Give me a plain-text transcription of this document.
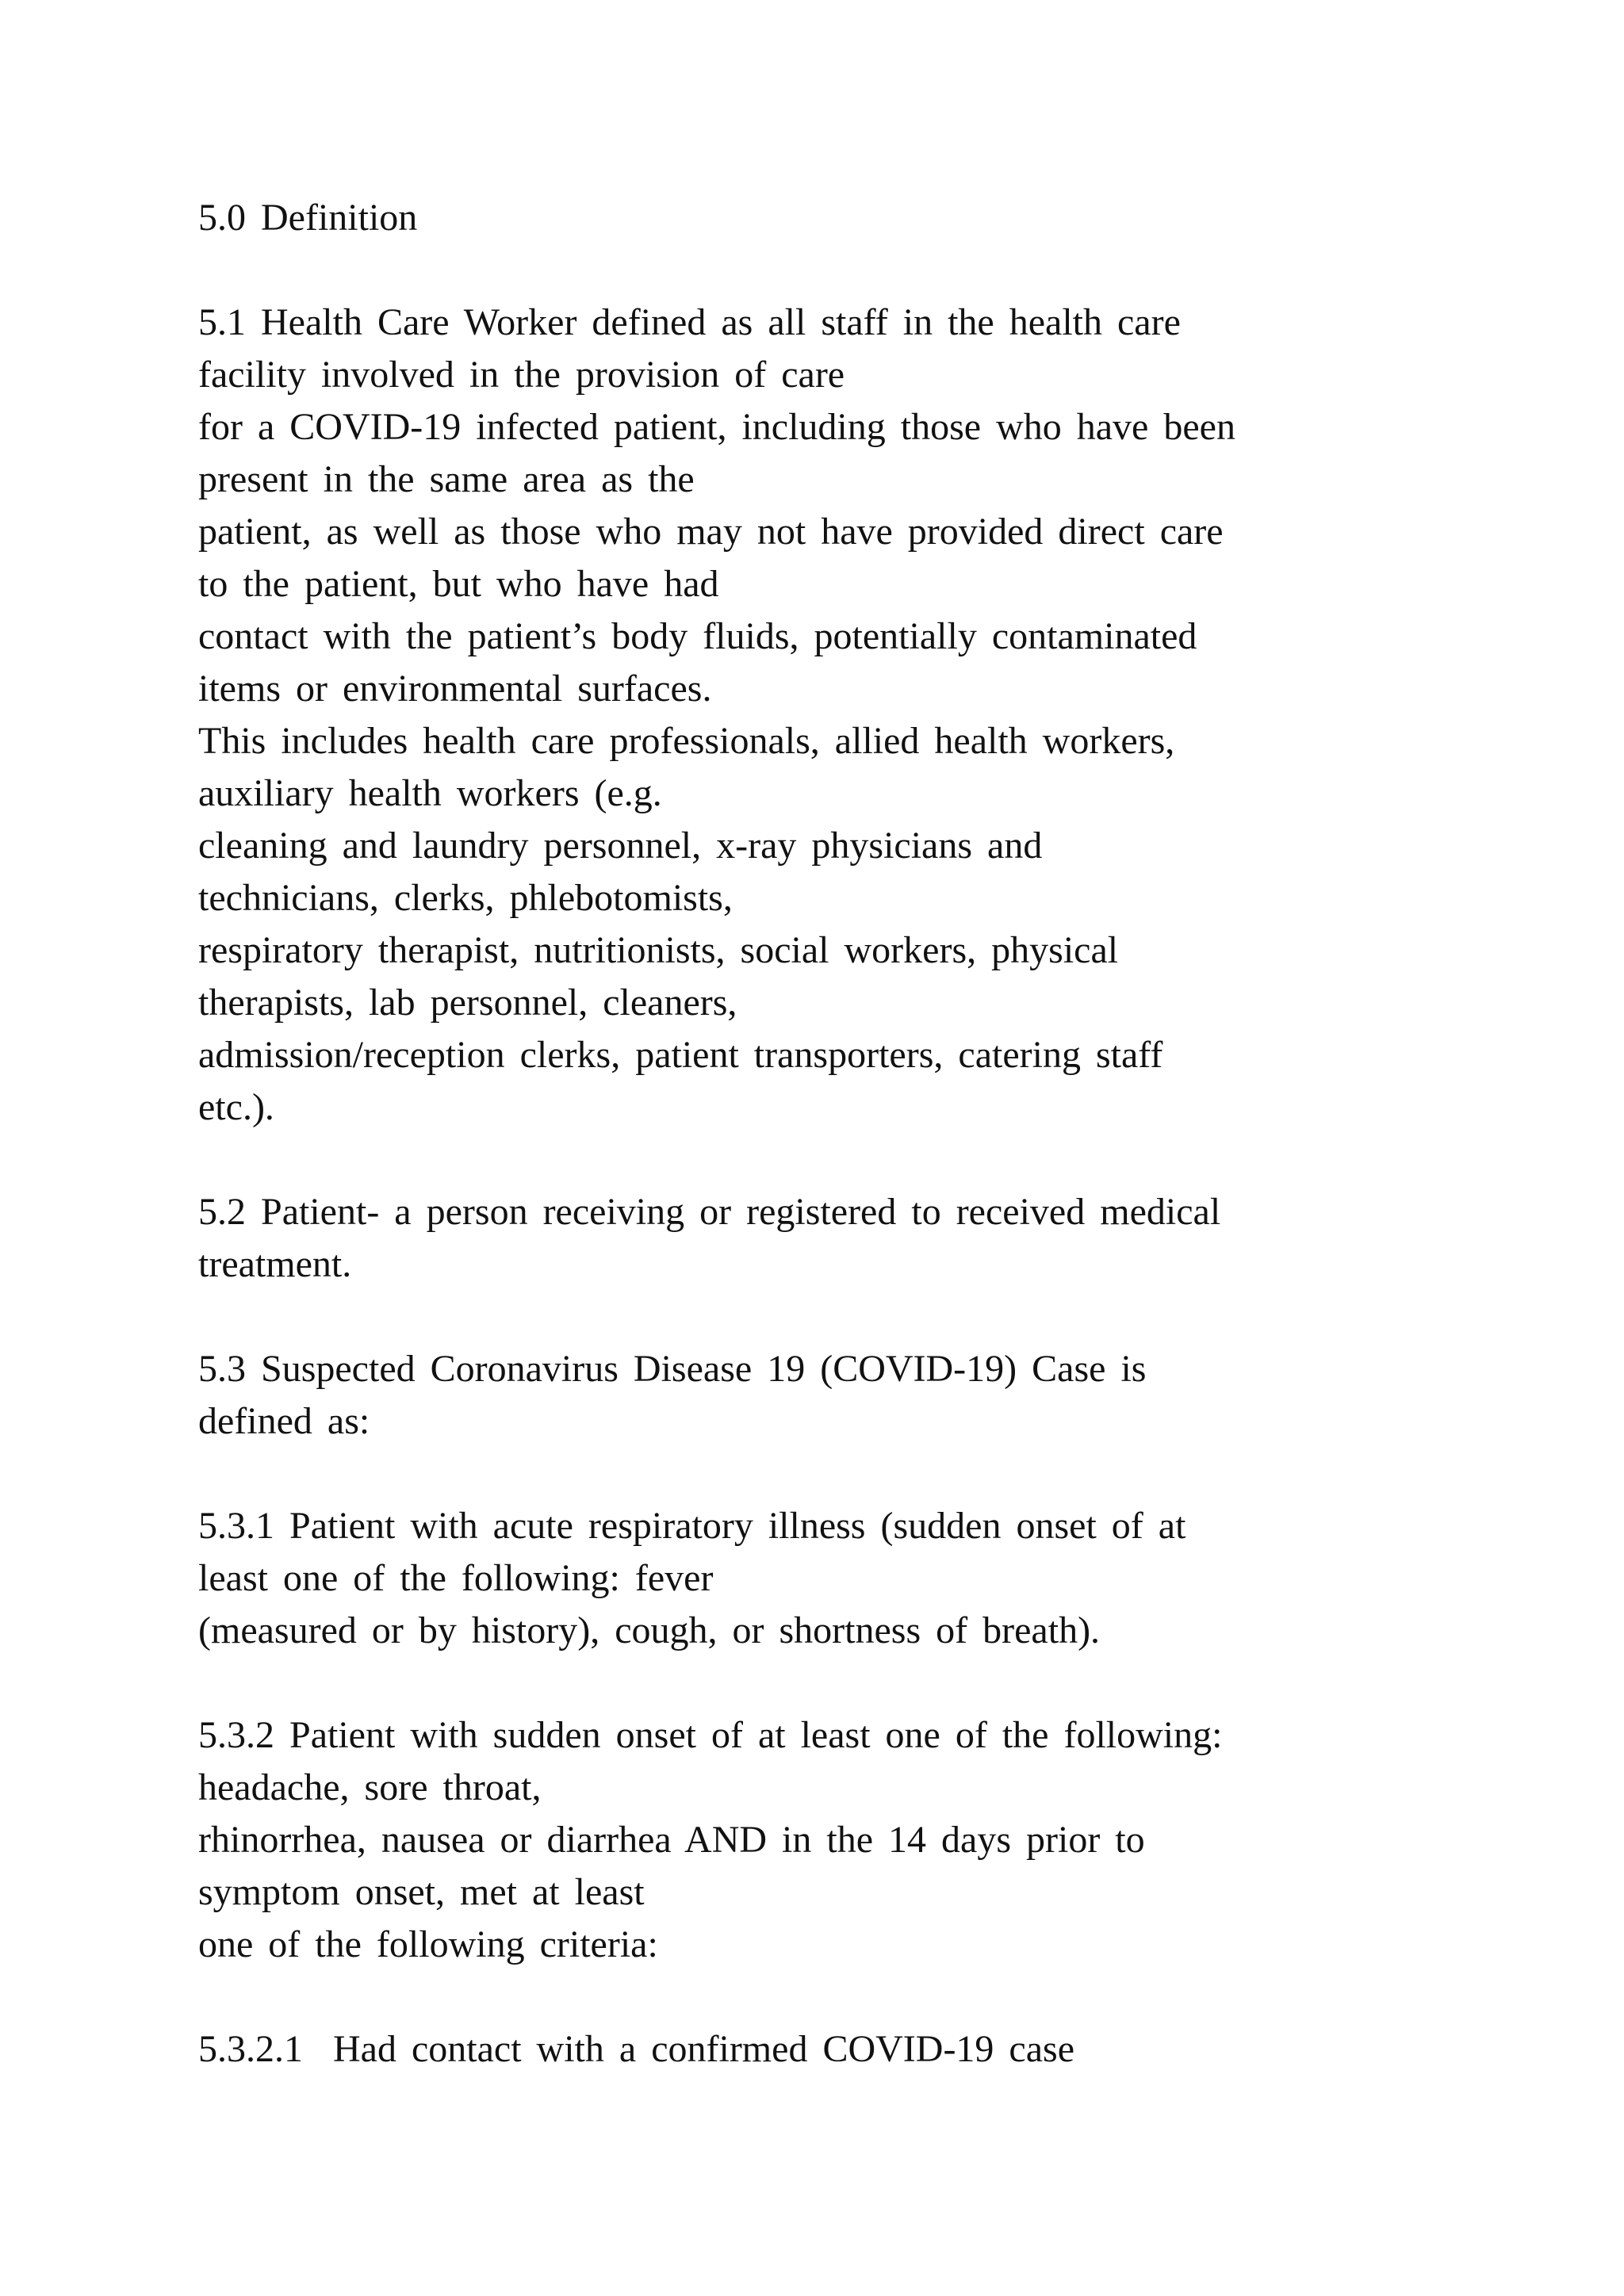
5.0 Definition
5.1 Health Care Worker defined as all staff in the health care
facility involved in the provision of care
for a COVID-19 infected patient, including those who have been
present in the same area as the
patient, as well as those who may not have provided direct care
to the patient, but who have had
contact with the patient’s body fluids, potentially contaminated
items or environmental surfaces.
This includes health care professionals, allied health workers,
auxiliary health workers (e.g.
cleaning and laundry personnel, x-ray physicians and
technicians, clerks, phlebotomists,
respiratory therapist, nutritionists, social workers, physical
therapists, lab personnel, cleaners,
admission/reception clerks, patient transporters, catering staff
etc.).
5.2 Patient- a person receiving or registered to received medical
treatment.
5.3 Suspected Coronavirus Disease 19 (COVID-19) Case is
defined as:
5.3.1 Patient with acute respiratory illness (sudden onset of at
least one of the following: fever
(measured or by history), cough, or shortness of breath).
5.3.2 Patient with sudden onset of at least one of the following:
headache, sore throat,
rhinorrhea, nausea or diarrhea AND in the 14 days prior to
symptom onset, met at least
one of the following criteria:
5.3.2.1  Had contact with a confirmed COVID-19 case
